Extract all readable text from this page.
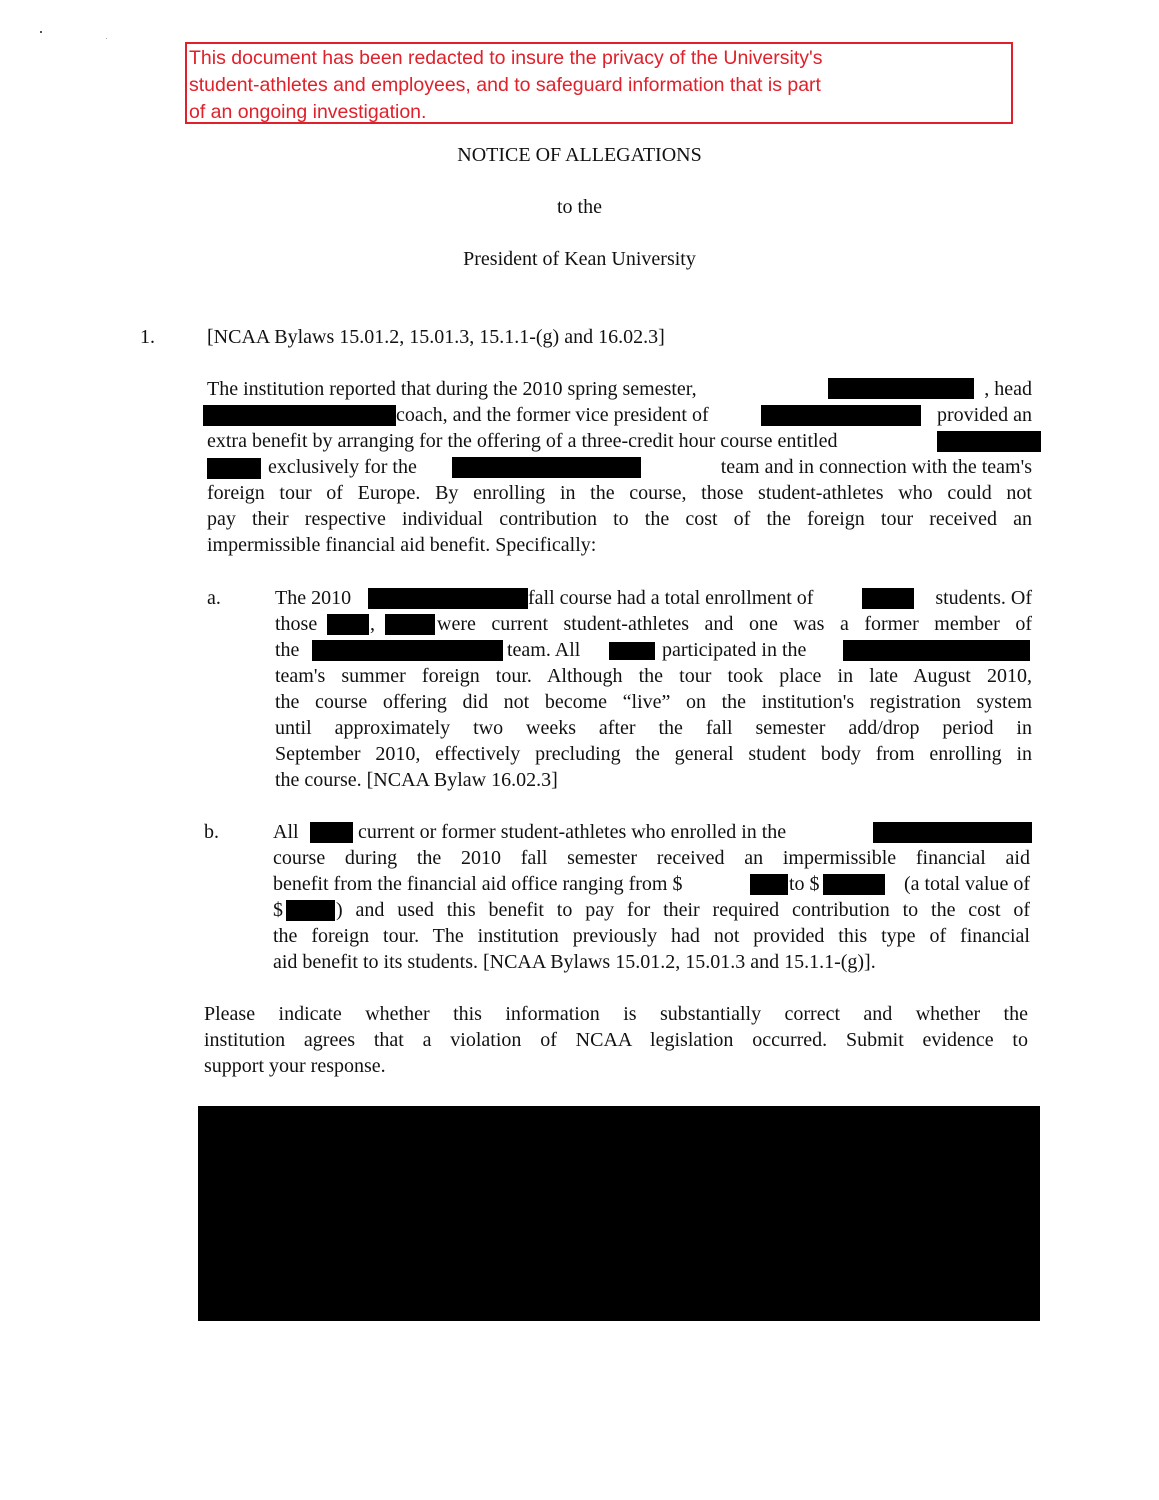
This document has been redacted to insure the privacy of the University's
student-athletes and employees, and to safeguard information that is part
of an ongoing investigation.
NOTICE OF ALLEGATIONS
to the
President of Kean University
1.	[NCAA Bylaws 15.01.2, 15.01.3, 15.1.1-(g) and 16.02.3]
The institution reported that during the 2010 spring semester,	, head
coach, and the former vice president of	provided an
extra benefit by arranging for the offering of a three-credit hour course entitled
exclusively for the	team and in connection with the team's
foreign tour of Europe. By enrolling in the course, those student-athletes who could not
pay their respective individual contribution to the cost of the foreign tour received an
impermissible financial aid benefit. Specifically:
a.	The 2010	fall course had a total enrollment of	students. Of
those	,	were current student-athletes and one was a former member of
the	team. All	participated in the
team's summer foreign tour. Although the tour took place in late August 2010,
the course offering did not become “live” on the institution's registration system
until approximately two weeks after the fall semester add/drop period in
September 2010, effectively precluding the general student body from enrolling in
the course. [NCAA Bylaw 16.02.3]
b.	All	current or former student-athletes who enrolled in the
course during the 2010 fall semester received an impermissible financial aid
benefit from the financial aid office ranging from $	to $	(a total value of
$	) and used this benefit to pay for their required contribution to the cost of
the foreign tour. The institution previously had not provided this type of financial
aid benefit to its students. [NCAA Bylaws 15.01.2, 15.01.3 and 15.1.1-(g)].
Please indicate whether this information is substantially correct and whether the
institution agrees that a violation of NCAA legislation occurred. Submit evidence to
support your response.
